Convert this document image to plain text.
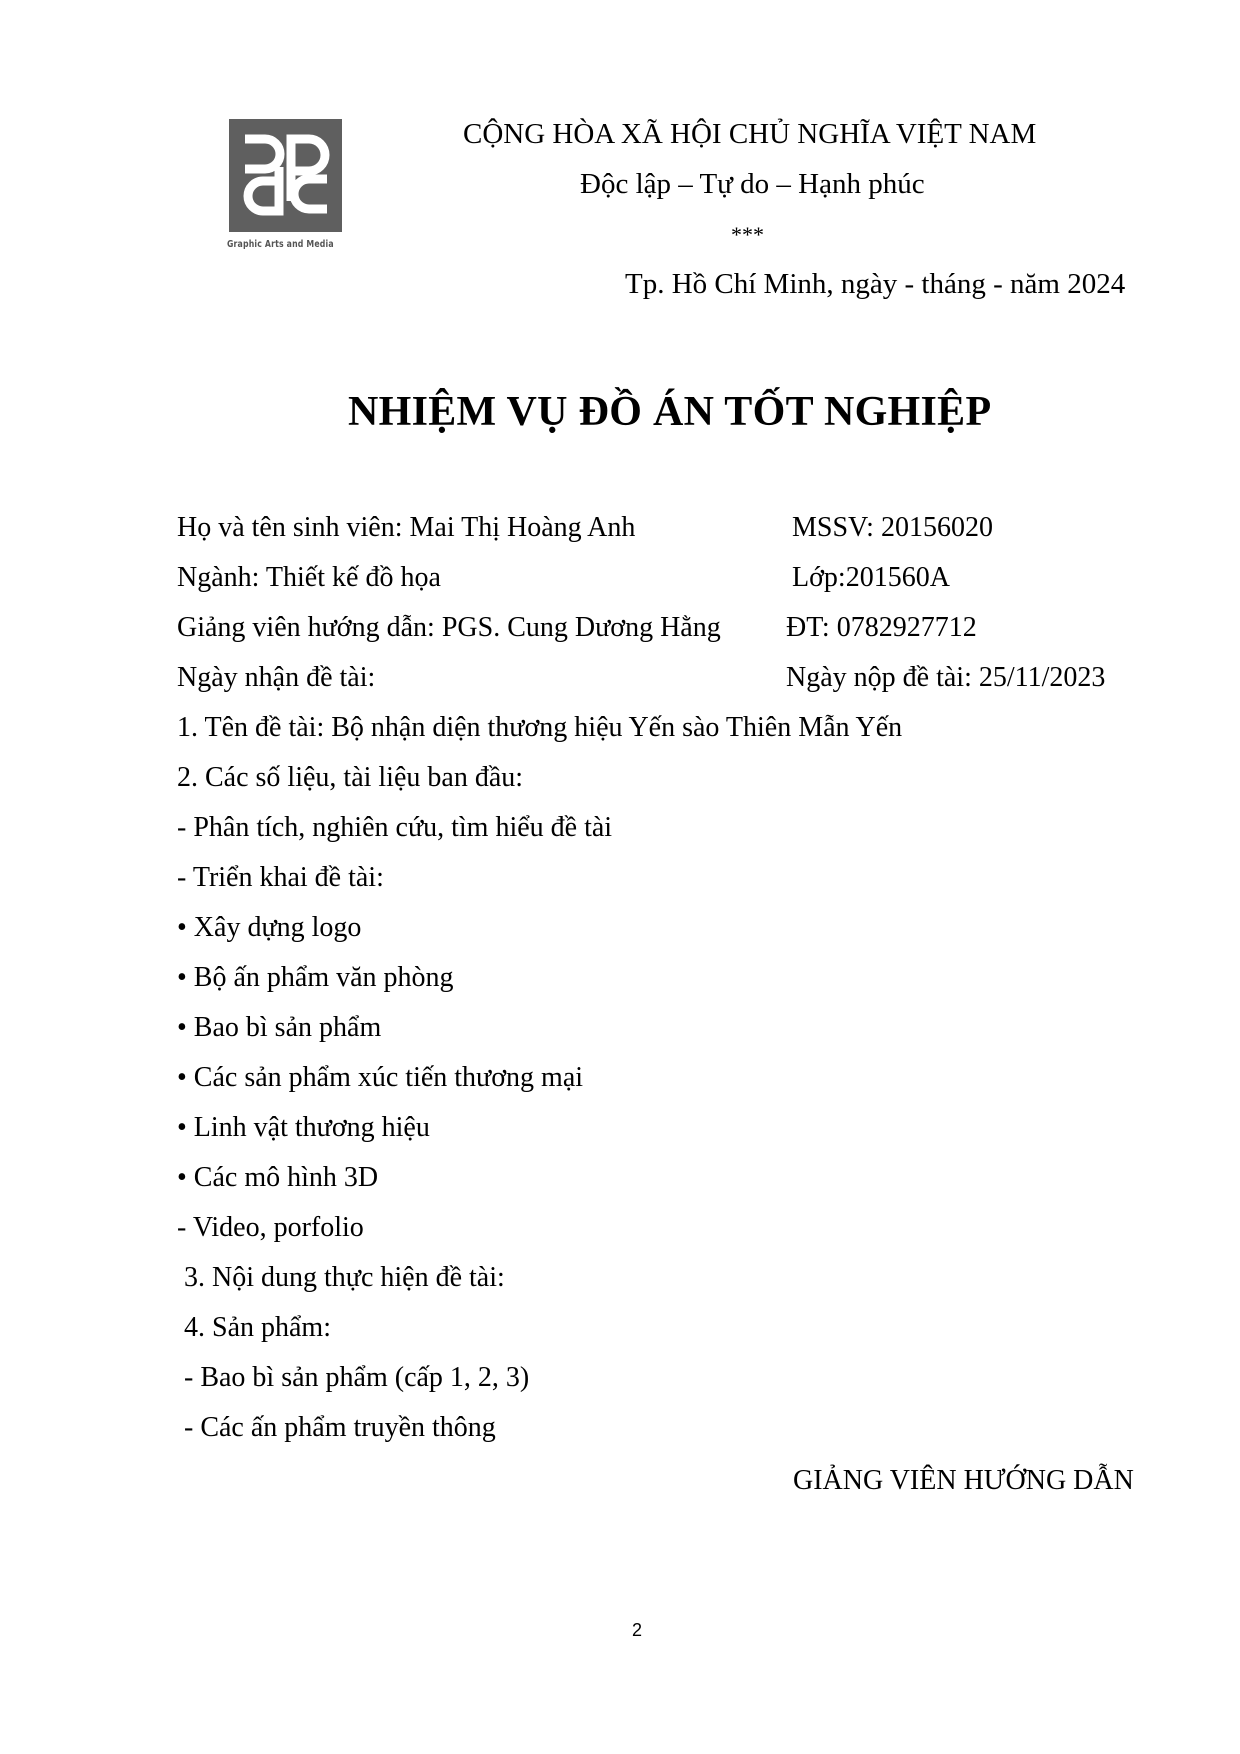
Graphic Arts and Media
CỘNG HÒA XÃ HỘI CHỦ NGHĨA VIỆT NAM
Độc lập – Tự do – Hạnh phúc
***
Tp. Hồ Chí Minh, ngày - tháng - năm 2024
NHIỆM VỤ ĐỒ ÁN TỐT NGHIỆP
Họ và tên sinh viên: Mai Thị Hoàng Anh	MSSV: 20156020
Ngành: Thiết kế đồ họa	Lớp:201560A
Giảng viên hướng dẫn: PGS. Cung Dương Hằng ĐT: 0782927712
Ngày nhận đề tài:	Ngày nộp đề tài: 25/11/2023
1. Tên đề tài: Bộ nhận diện thương hiệu Yến sào Thiên Mẫn Yến
2. Các số liệu, tài liệu ban đầu:
- Phân tích, nghiên cứu, tìm hiểu đề tài
- Triển khai đề tài:
• Xây dựng logo
• Bộ ấn phẩm văn phòng
• Bao bì sản phẩm
• Các sản phẩm xúc tiến thương mại
• Linh vật thương hiệu
• Các mô hình 3D
- Video, porfolio
3. Nội dung thực hiện đề tài:
4. Sản phẩm:
- Bao bì sản phẩm (cấp 1, 2, 3)
- Các ấn phẩm truyền thông
GIẢNG VIÊN HƯỚNG DẪN
2
